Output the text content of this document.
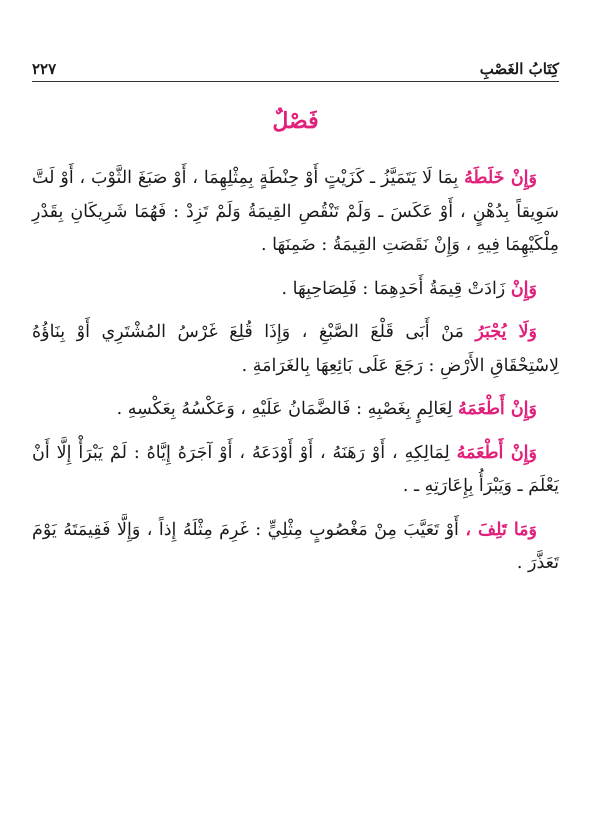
٢٢٧	كِتَابُ الغَصْبِ
فَصْلٌ

وَإِنْ خَلَطَهُ بِمَا لَا يَتَمَيَّزُ ـ كَزَيْتٍ أَوْ حِنْطَةٍ بِمِثْلِهِمَا ، أَوْ صَبَغَ الثَّوْبَ ، أَوْ لَتَّ سَوِيقاً بِدُهْنٍ ، أَوْ عَكَسَ ـ وَلَمْ تَنْقُصِ القِيمَةُ وَلَمْ تَزِدْ : فَهُمَا شَرِيكَانِ بِقَدْرِ مِلْكَيْهِمَا فِيهِ ، وَإِنْ نَقَصَتِ القِيمَةُ : ضَمِنَهَا .

وَإِنْ زَادَتْ قِيمَةُ أَحَدِهِمَا : فَلِصَاحِبِهَا .

وَلَا يُجْبَرُ مَنْ أَبَى قَلْعَ الصَّبْغِ ، وَإِذَا قُلِعَ غَرْسُ المُشْتَرِي أَوْ بِنَاؤُهُ لِاسْتِحْقَاقِ الأَرْضِ : رَجَعَ عَلَى بَائِعِهَا بِالغَرَامَةِ .

وَإِنْ أَطْعَمَهُ لِعَالِمٍ بِغَصْبِهِ : فَالضَّمَانُ عَلَيْهِ ، وَعَكْسُهُ بِعَكْسِهِ .

وَإِنْ أَطْعَمَهُ لِمَالِكِهِ ، أَوْ رَهَنَهُ ، أَوْ أَوْدَعَهُ ، أَوْ آجَرَهُ إِيَّاهُ : لَمْ يَبْرَأْ إِلَّا أَنْ يَعْلَمَ ـ وَيَبْرَأُ بِإِعَارَتِهِ ـ .

وَمَا تَلِفَ ، أَوْ تَعَيَّبَ مِنْ مَغْصُوبٍ مِثْلِيٍّ : غَرِمَ مِثْلَهُ إِذاً ، وَإِلَّا فَقِيمَتَهُ يَوْمَ تَعَذَّرَ .
